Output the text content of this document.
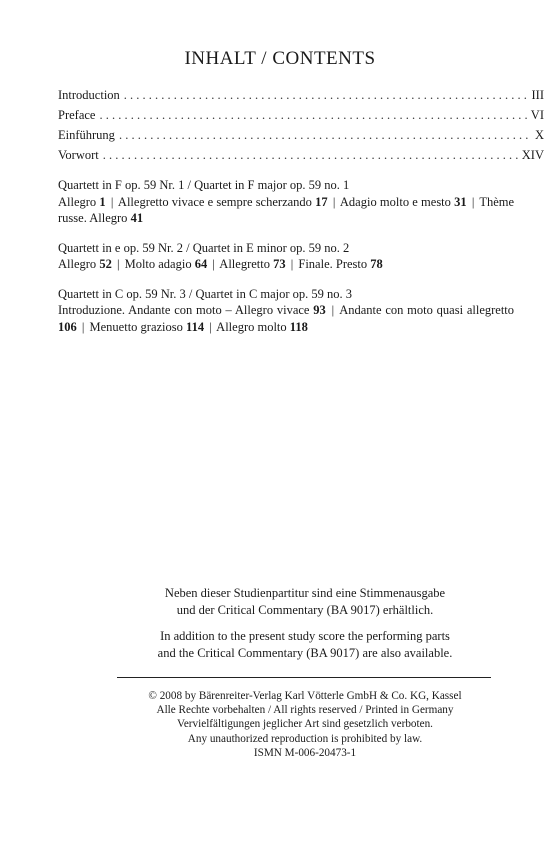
INHALT / CONTENTS
Introduction . . .	III
Preface . . .	VI
Einführung . . .	X
Vorwort . . .	XIV
Quartett in F op. 59 Nr. 1 / Quartet in F major op. 59 no. 1
Allegro 1 | Allegretto vivace e sempre scherzando 17 | Adagio molto e mesto 31 | Thème russe. Allegro 41
Quartett in e op. 59 Nr. 2 / Quartet in E minor op. 59 no. 2
Allegro 52 | Molto adagio 64 | Allegretto 73 | Finale. Presto 78
Quartett in C op. 59 Nr. 3 / Quartet in C major op. 59 no. 3
Introduzione. Andante con moto – Allegro vivace 93 | Andante con moto quasi allegretto 106 | Menuetto grazioso 114 | Allegro molto 118

Neben dieser Studienpartitur sind eine Stimmenausgabe
und der Critical Commentary (BA 9017) erhältlich.

In addition to the present study score the performing parts
and the Critical Commentary (BA 9017) are also available.

© 2008 by Bärenreiter-Verlag Karl Vötterle GmbH & Co. KG, Kassel
Alle Rechte vorbehalten / All rights reserved / Printed in Germany
Vervielfältigungen jeglicher Art sind gesetzlich verboten.
Any unauthorized reproduction is prohibited by law.
ISMN M-006-20473-1
